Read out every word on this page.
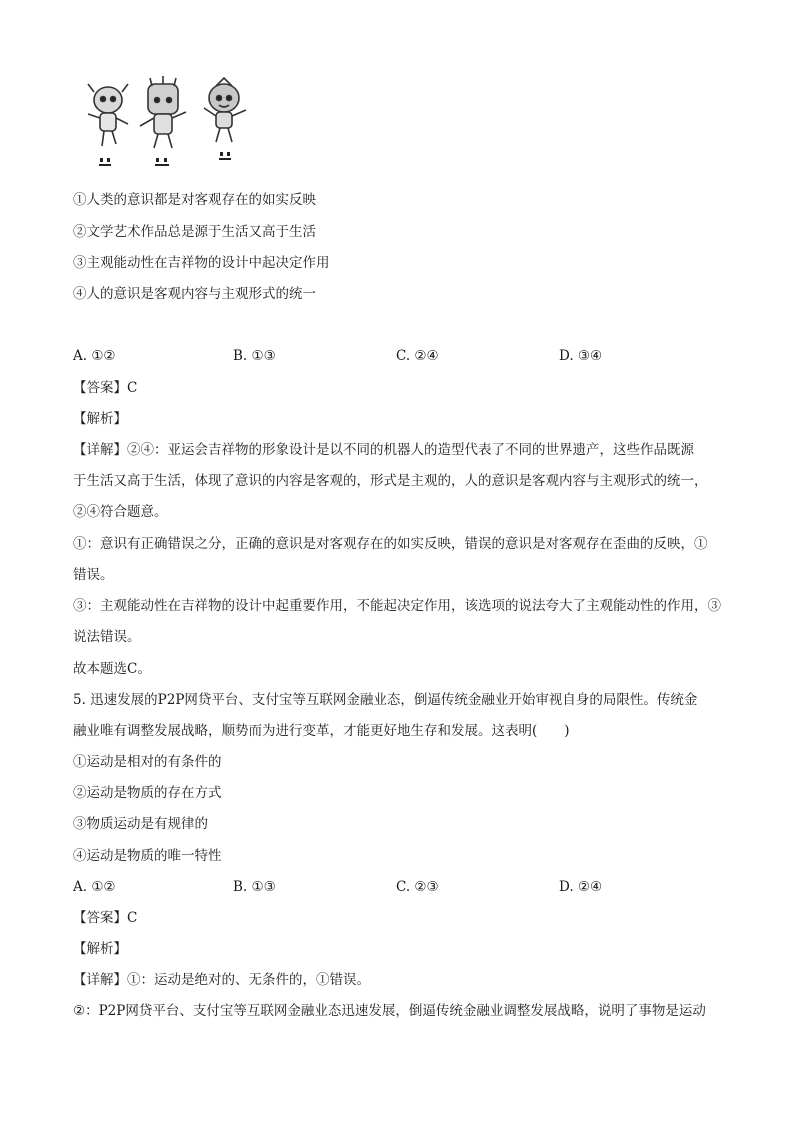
①人类的意识都是对客观存在的如实反映
②文学艺术作品总是源于生活又高于生活
③主观能动性在吉祥物的设计中起决定作用
④人的意识是客观内容与主观形式的统一
A. ①②	B. ①③	C. ②④	D. ③④
【答案】C
【解析】
【详解】②④：亚运会吉祥物的形象设计是以不同的机器人的造型代表了不同的世界遗产，这些作品既源
于生活又高于生活，体现了意识的内容是客观的，形式是主观的，人的意识是客观内容与主观形式的统一，
②④符合题意。
①：意识有正确错误之分，正确的意识是对客观存在的如实反映，错误的意识是对客观存在歪曲的反映，①
错误。
③：主观能动性在吉祥物的设计中起重要作用，不能起决定作用，该选项的说法夸大了主观能动性的作用，③
说法错误。
故本题选C。
5. 迅速发展的P2P网贷平台、支付宝等互联网金融业态，倒逼传统金融业开始审视自身的局限性。传统金
融业唯有调整发展战略，顺势而为进行变革，才能更好地生存和发展。这表明(　　)
①运动是相对的有条件的
②运动是物质的存在方式
③物质运动是有规律的
④运动是物质的唯一特性
A. ①②	B. ①③	C. ②③	D. ②④
【答案】C
【解析】
【详解】①：运动是绝对的、无条件的，①错误。
②：P2P网贷平台、支付宝等互联网金融业态迅速发展，倒逼传统金融业调整发展战略，说明了事物是运动
